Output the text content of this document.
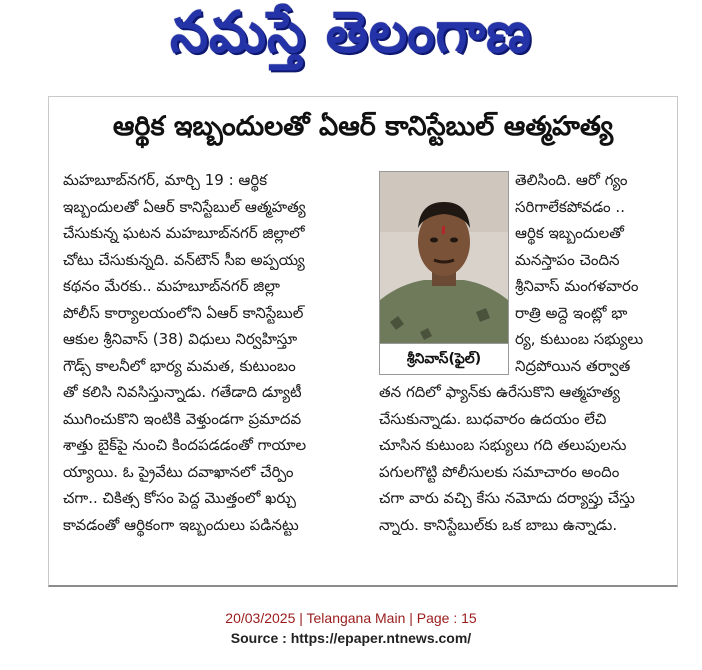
నమస్తే తెలంగాణ
ఆర్థిక ఇబ్బందులతో ఏఆర్ కానిస్టేబుల్ ఆత్మహత్య
మహబూబ్‌నగర్, మార్చి 19 : ఆర్థిక
ఇబ్బందులతో ఏఆర్ కానిస్టేబుల్ ఆత్మహత్య
చేసుకున్న ఘటన మహబూబ్‌నగర్ జిల్లాలో
చోటు చేసుకున్నది. వన్‌టౌన్ సీఐ అప్పయ్య
కథనం మేరకు.. మహబూబ్‌నగర్ జిల్లా
పోలీస్ కార్యాలయంలోని ఏఆర్ కానిస్టేబుల్
ఆకుల శ్రీనివాస్ (38) విధులు నిర్వహిస్తూ
గౌడ్స్ కాలనీలో భార్య మమత, కుటుంబం
తో కలిసి నివసిస్తున్నాడు. గతేడాది డ్యూటీ
ముగించుకొని ఇంటికి వెళ్తుండగా ప్రమాదవ
శాత్తు బైక్‌పై నుంచి కిందపడడంతో గాయాల
య్యాయి. ఓ ప్రైవేటు దవాఖానలో చేర్పిం
చగా.. చికిత్స కోసం పెద్ద మొత్తంలో ఖర్చు
కావడంతో ఆర్థికంగా ఇబ్బందులు పడినట్టు
శ్రీనివాస్(ఫైల్)
తెలిసింది. ఆరో గ్యం
సరిగాలేకపోవడం ..
ఆర్థిక ఇబ్బందులతో
మనస్తాపం చెందిన
శ్రీనివాస్ మంగళవారం
రాత్రి అద్దె ఇంట్లో భా
ర్య, కుటుంబ సభ్యులు
నిద్రపోయిన తర్వాత
తన గదిలో ఫ్యాన్‌కు ఉరేసుకొని ఆత్మహత్య
చేసుకున్నాడు. బుధవారం ఉదయం లేచి
చూసిన కుటుంబ సభ్యులు గది తలుపులను
పగులగొట్టి పోలీసులకు సమాచారం అందిం
చగా వారు వచ్చి కేసు నమోదు దర్యాప్తు చేస్తు
న్నారు. కానిస్టేబుల్‌కు ఒక బాబు ఉన్నాడు.
20/03/2025 | Telangana Main | Page : 15
Source : https://epaper.ntnews.com/
